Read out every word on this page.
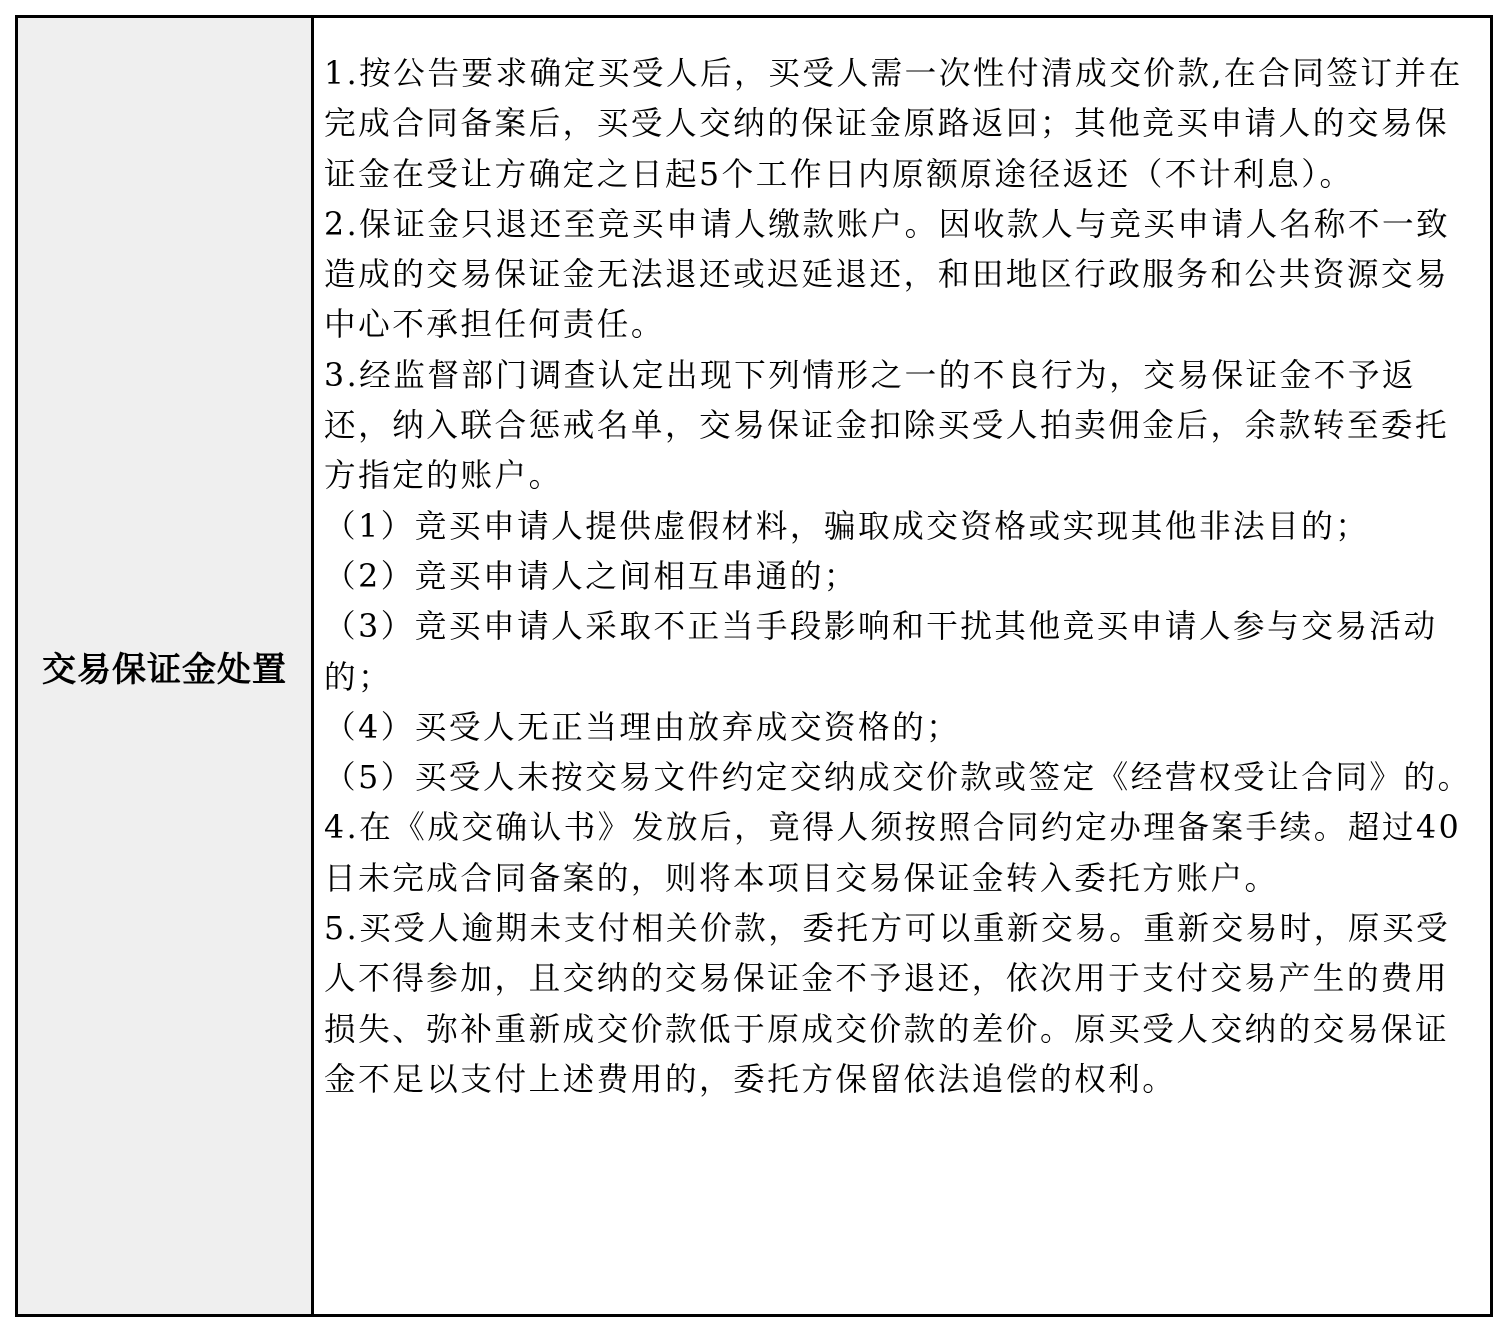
交易保证金处置

1.按公告要求确定买受人后，买受人需一次性付清成交价款,在合同签订并在完成合同备案后，买受人交纳的保证金原路返回；其他竞买申请人的交易保证金在受让方确定之日起5个工作日内原额原途径返还（不计利息）。

2.保证金只退还至竞买申请人缴款账户。因收款人与竞买申请人名称不一致造成的交易保证金无法退还或迟延退还，和田地区行政服务和公共资源交易中心不承担任何责任。

3.经监督部门调查认定出现下列情形之一的不良行为，交易保证金不予返还，纳入联合惩戒名单，交易保证金扣除买受人拍卖佣金后，余款转至委托方指定的账户。

（1）竞买申请人提供虚假材料，骗取成交资格或实现其他非法目的；

（2）竞买申请人之间相互串通的；

（3）竞买申请人采取不正当手段影响和干扰其他竞买申请人参与交易活动的；

（4）买受人无正当理由放弃成交资格的；

（5）买受人未按交易文件约定交纳成交价款或签定《经营权受让合同》的。

4.在《成交确认书》发放后，竟得人须按照合同约定办理备案手续。超过40日未完成合同备案的，则将本项目交易保证金转入委托方账户。

5.买受人逾期未支付相关价款，委托方可以重新交易。重新交易时，原买受人不得参加，且交纳的交易保证金不予退还，依次用于支付交易产生的费用损失、弥补重新成交价款低于原成交价款的差价。原买受人交纳的交易保证金不足以支付上述费用的，委托方保留依法追偿的权利。
